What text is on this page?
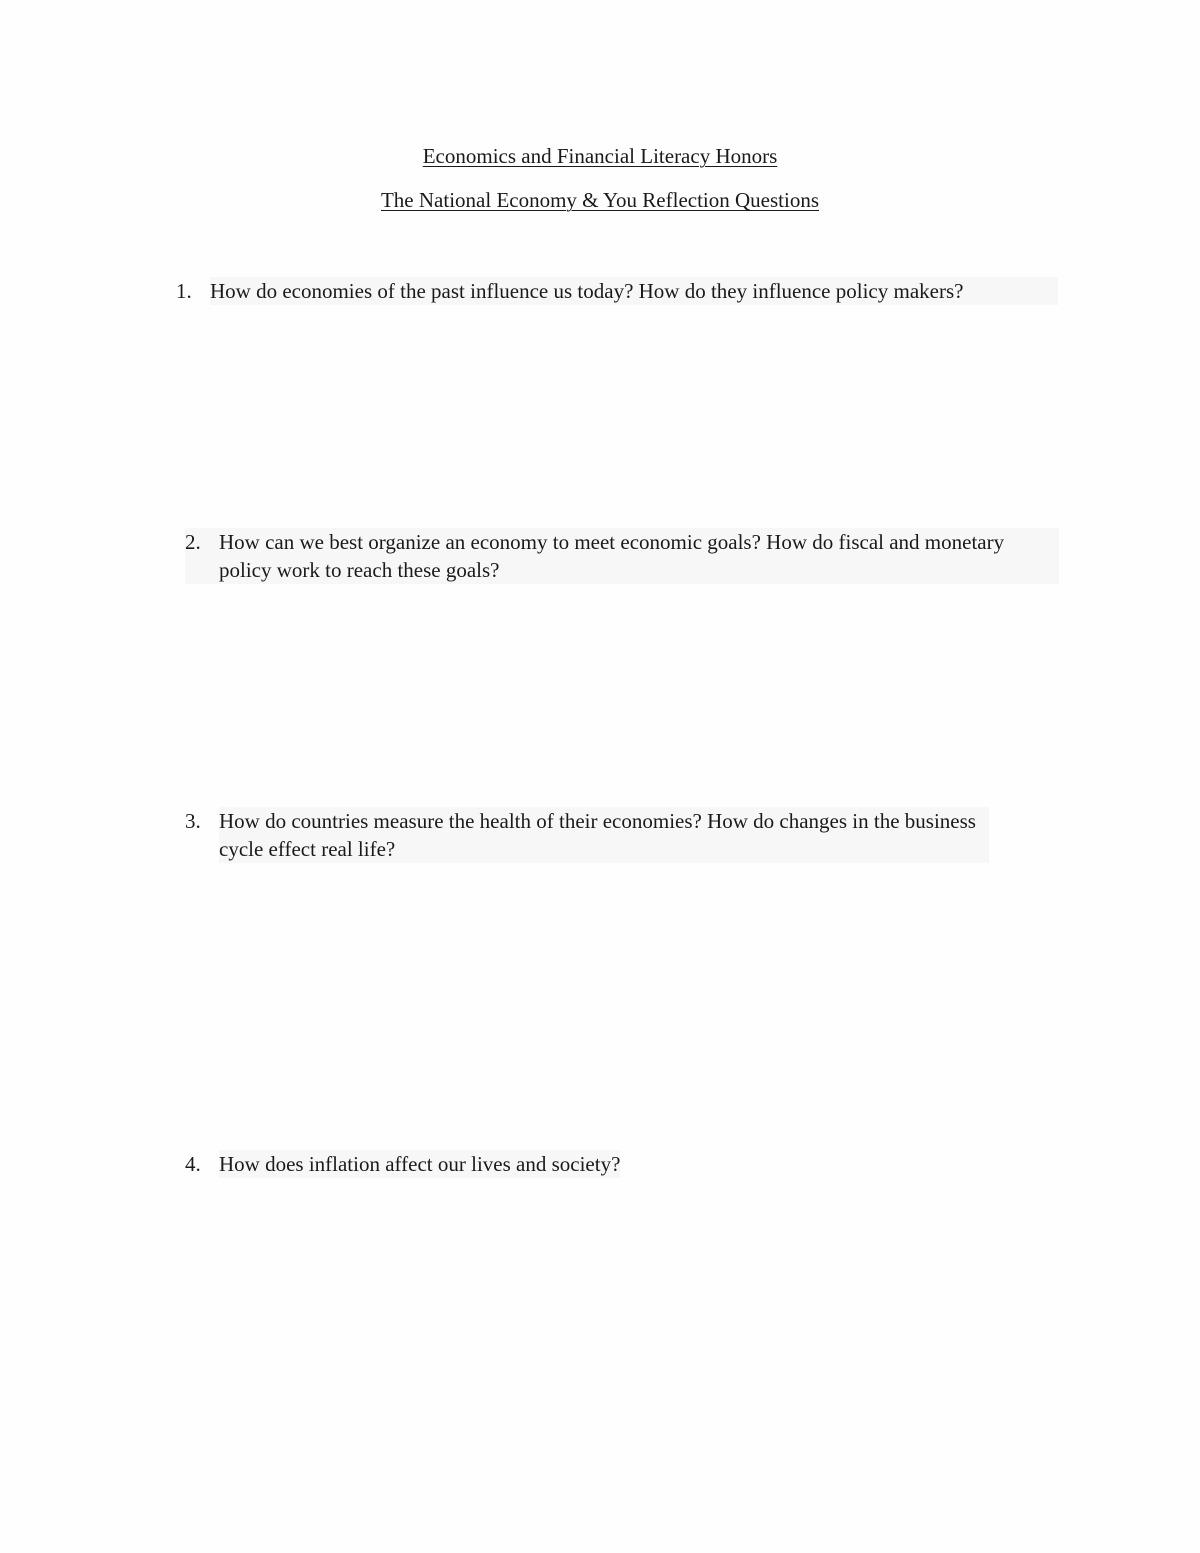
Economics and Financial Literacy Honors
The National Economy & You Reflection Questions
1. How do economies of the past influence us today? How do they influence policy makers?
2. How can we best organize an economy to meet economic goals? How do fiscal and monetary policy work to reach these goals?
3. How do countries measure the health of their economies? How do changes in the business cycle effect real life?
4. How does inflation affect our lives and society?
